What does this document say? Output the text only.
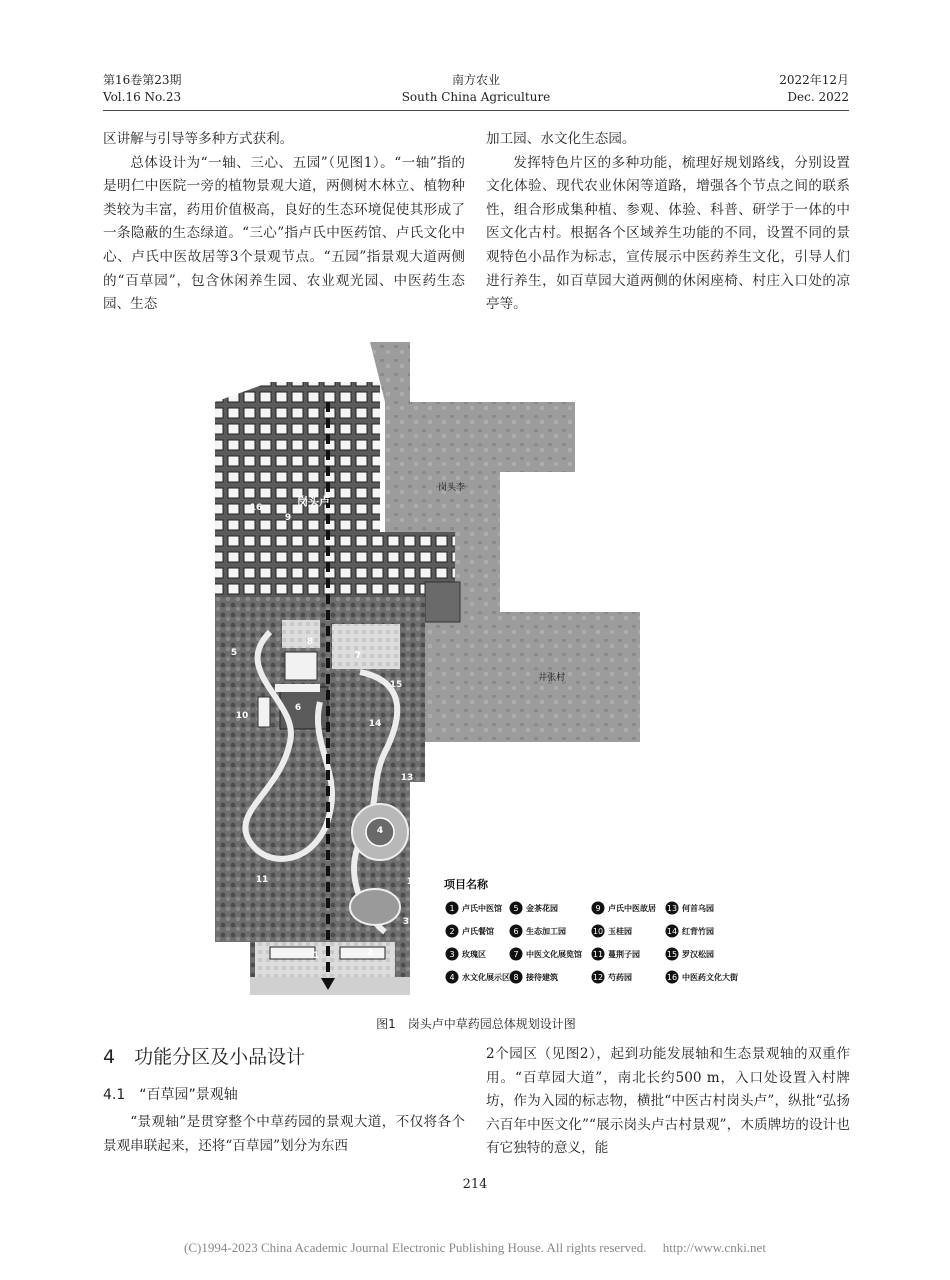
第16卷第23期
Vol.16 No.23
南方农业
South China Agriculture
2022年12月
Dec. 2022

区讲解与引导等多种方式获利。

总体设计为“一轴、三心、五园”（见图1）。“一轴”指的是明仁中医院一旁的植物景观大道，两侧树木林立、植物种类较为丰富，药用价值极高，良好的生态环境促使其形成了一条隐蔽的生态绿道。“三心”指卢氏中医药馆、卢氏文化中心、卢氏中医故居等3个景观节点。“五园”指景观大道两侧的“百草园”，包含休闲养生园、农业观光园、中医药生态园、生态

加工园、水文化生态园。

发挥特色片区的多种功能，梳理好规划路线，分别设置文化体验、现代农业休闲等道路，增强各个节点之间的联系性，组合形成集种植、参观、体验、科普、研学于一体的中医文化古村。根据各个区域养生功能的不同，设置不同的景观特色小品作为标志，宣传展示中医药养生文化，引导人们进行养生，如百草园大道两侧的休闲座椅、村庄入口处的凉亭等。

岗头卢
岗头李
井张村
1	2
3
4
5
6
7
8
9
10
11	12
13
14
15
16
项目名称
1 卢氏中医馆 5 金茶花园	9 卢氏中医故居 13 何首乌园
2 卢氏餐馆 6 生态加工园	10 玉桂园	14 红背竹园
3 玫瑰区	7 中医文化展览馆 11 蔓荆子园	15 罗汉松园
4 水文化展示区 8 接待建筑	12 芍药园	16 中医药文化大街
图1　岗头卢中草药园总体规划设计图
4　功能分区及小品设计
4.1　“百草园”景观轴

“景观轴”是贯穿整个中草药园的景观大道，不仅将各个景观串联起来，还将“百草园”划分为东西

2个园区（见图2），起到功能发展轴和生态景观轴的双重作用。“百草园大道”，南北长约500 m，入口处设置入村牌坊，作为入园的标志物，横批“中医古村岗头卢”，纵批“弘扬六百年中医文化”“展示岗头卢古村景观”，木质牌坊的设计也有它独特的意义，能

214
(C)1994-2023 China Academic Journal Electronic Publishing House. All rights reserved.　 http://www.cnki.net
